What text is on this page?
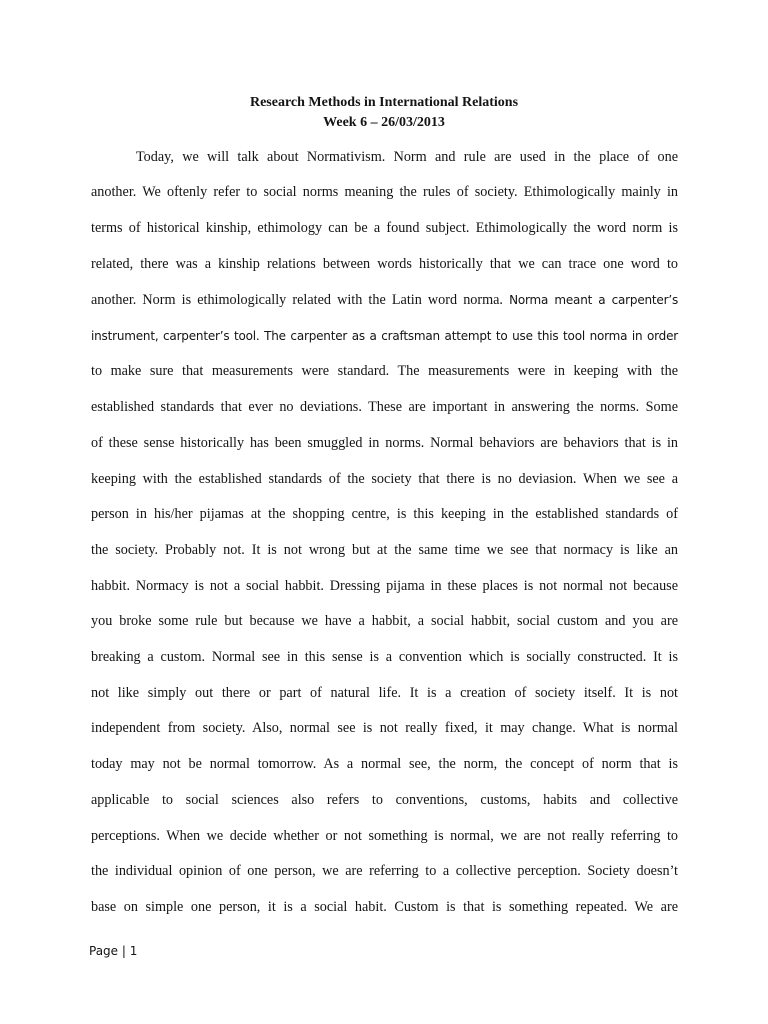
Research Methods in International Relations
Week 6 – 26/03/2013
Today, we will talk about Normativism. Norm and rule are used in the place of one
another. We oftenly refer to social norms meaning the rules of society. Ethimologically mainly in
terms of historical kinship, ethimology can be a found subject. Ethimologically the word norm is
related, there was a kinship relations between words historically that we can trace one word to
another. Norm is ethimologically related with the Latin word norma. Norma meant a carpenter’s
instrument, carpenter’s tool. The carpenter as a craftsman attempt to use this tool norma in order
to make sure that measurements were standard. The measurements were in keeping with the
established standards that ever no deviations. These are important in answering the norms. Some
of these sense historically has been smuggled in norms. Normal behaviors are behaviors that is in
keeping with the established standards of the society that there is no deviasion. When we see a
person in his/her pijamas at the shopping centre, is this keeping in the established standards of
the society. Probably not. It is not wrong but at the same time we see that normacy is like an
habbit. Normacy is not a social habbit. Dressing pijama in these places is not normal not because
you broke some rule but because we have a habbit, a social habbit, social custom and you are
breaking a custom. Normal see in this sense is a convention which is socially constructed. It is
not like simply out there or part of natural life. It is a creation of society itself. It is not
independent from society. Also, normal see is not really fixed, it may change. What is normal
today may not be normal tomorrow. As a normal see, the norm, the concept of norm that is
applicable to social sciences also refers to conventions, customs, habits and collective
perceptions. When we decide whether or not something is normal, we are not really referring to
the individual opinion of one person, we are referring to a collective perception. Society doesn’t
base on simple one person, it is a social habit. Custom is that is something repeated. We are
Page | 1
